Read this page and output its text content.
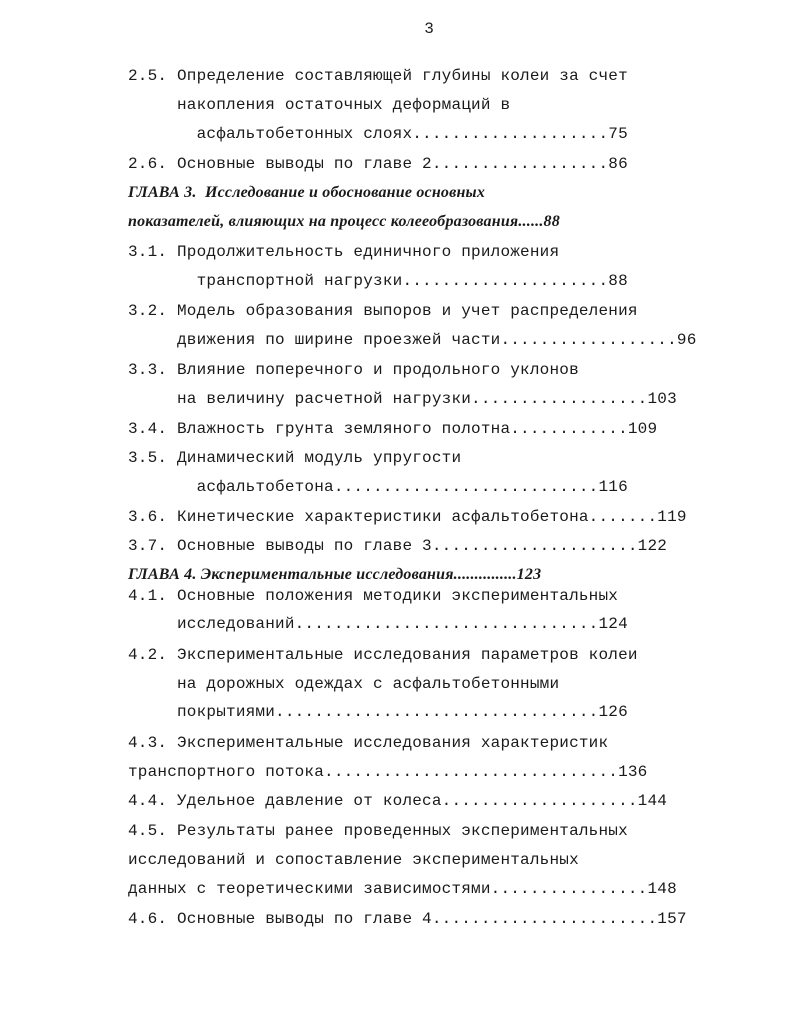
3
2.5. Определение составляющей глубины колеи за счет
накопления остаточных деформаций в
асфальтобетонных слоях....................75
2.6. Основные выводы по главе 2..................86
ГЛАВА 3.  Исследование и обоснование основных
показателей, влияющих на процесс колееобразования......88
3.1. Продолжительность единичного приложения
транспортной нагрузки.....................88
3.2. Модель образования выпоров и учет распределения
движения по ширине проезжей части..................96
3.3. Влияние поперечного и продольного уклонов
на величину расчетной нагрузки..................103
3.4. Влажность грунта земляного полотна............109
3.5. Динамический модуль упругости
асфальтобетона...........................116
3.6. Кинетические характеристики асфальтобетона.......119
3.7. Основные выводы по главе 3.....................122
ГЛАВА 4. Экспериментальные исследования...............123
4.1. Основные положения методики экспериментальных
исследований...............................124
4.2. Экспериментальные исследования параметров колеи
на дорожных одеждах с асфальтобетонными
покрытиями.................................126
4.3. Экспериментальные исследования характеристик
транспортного потока..............................136
4.4. Удельное давление от колеса....................144
4.5. Результаты ранее проведенных экспериментальных
исследований и сопоставление экспериментальных
данных с теоретическими зависимостями................148
4.6. Основные выводы по главе 4.......................157
